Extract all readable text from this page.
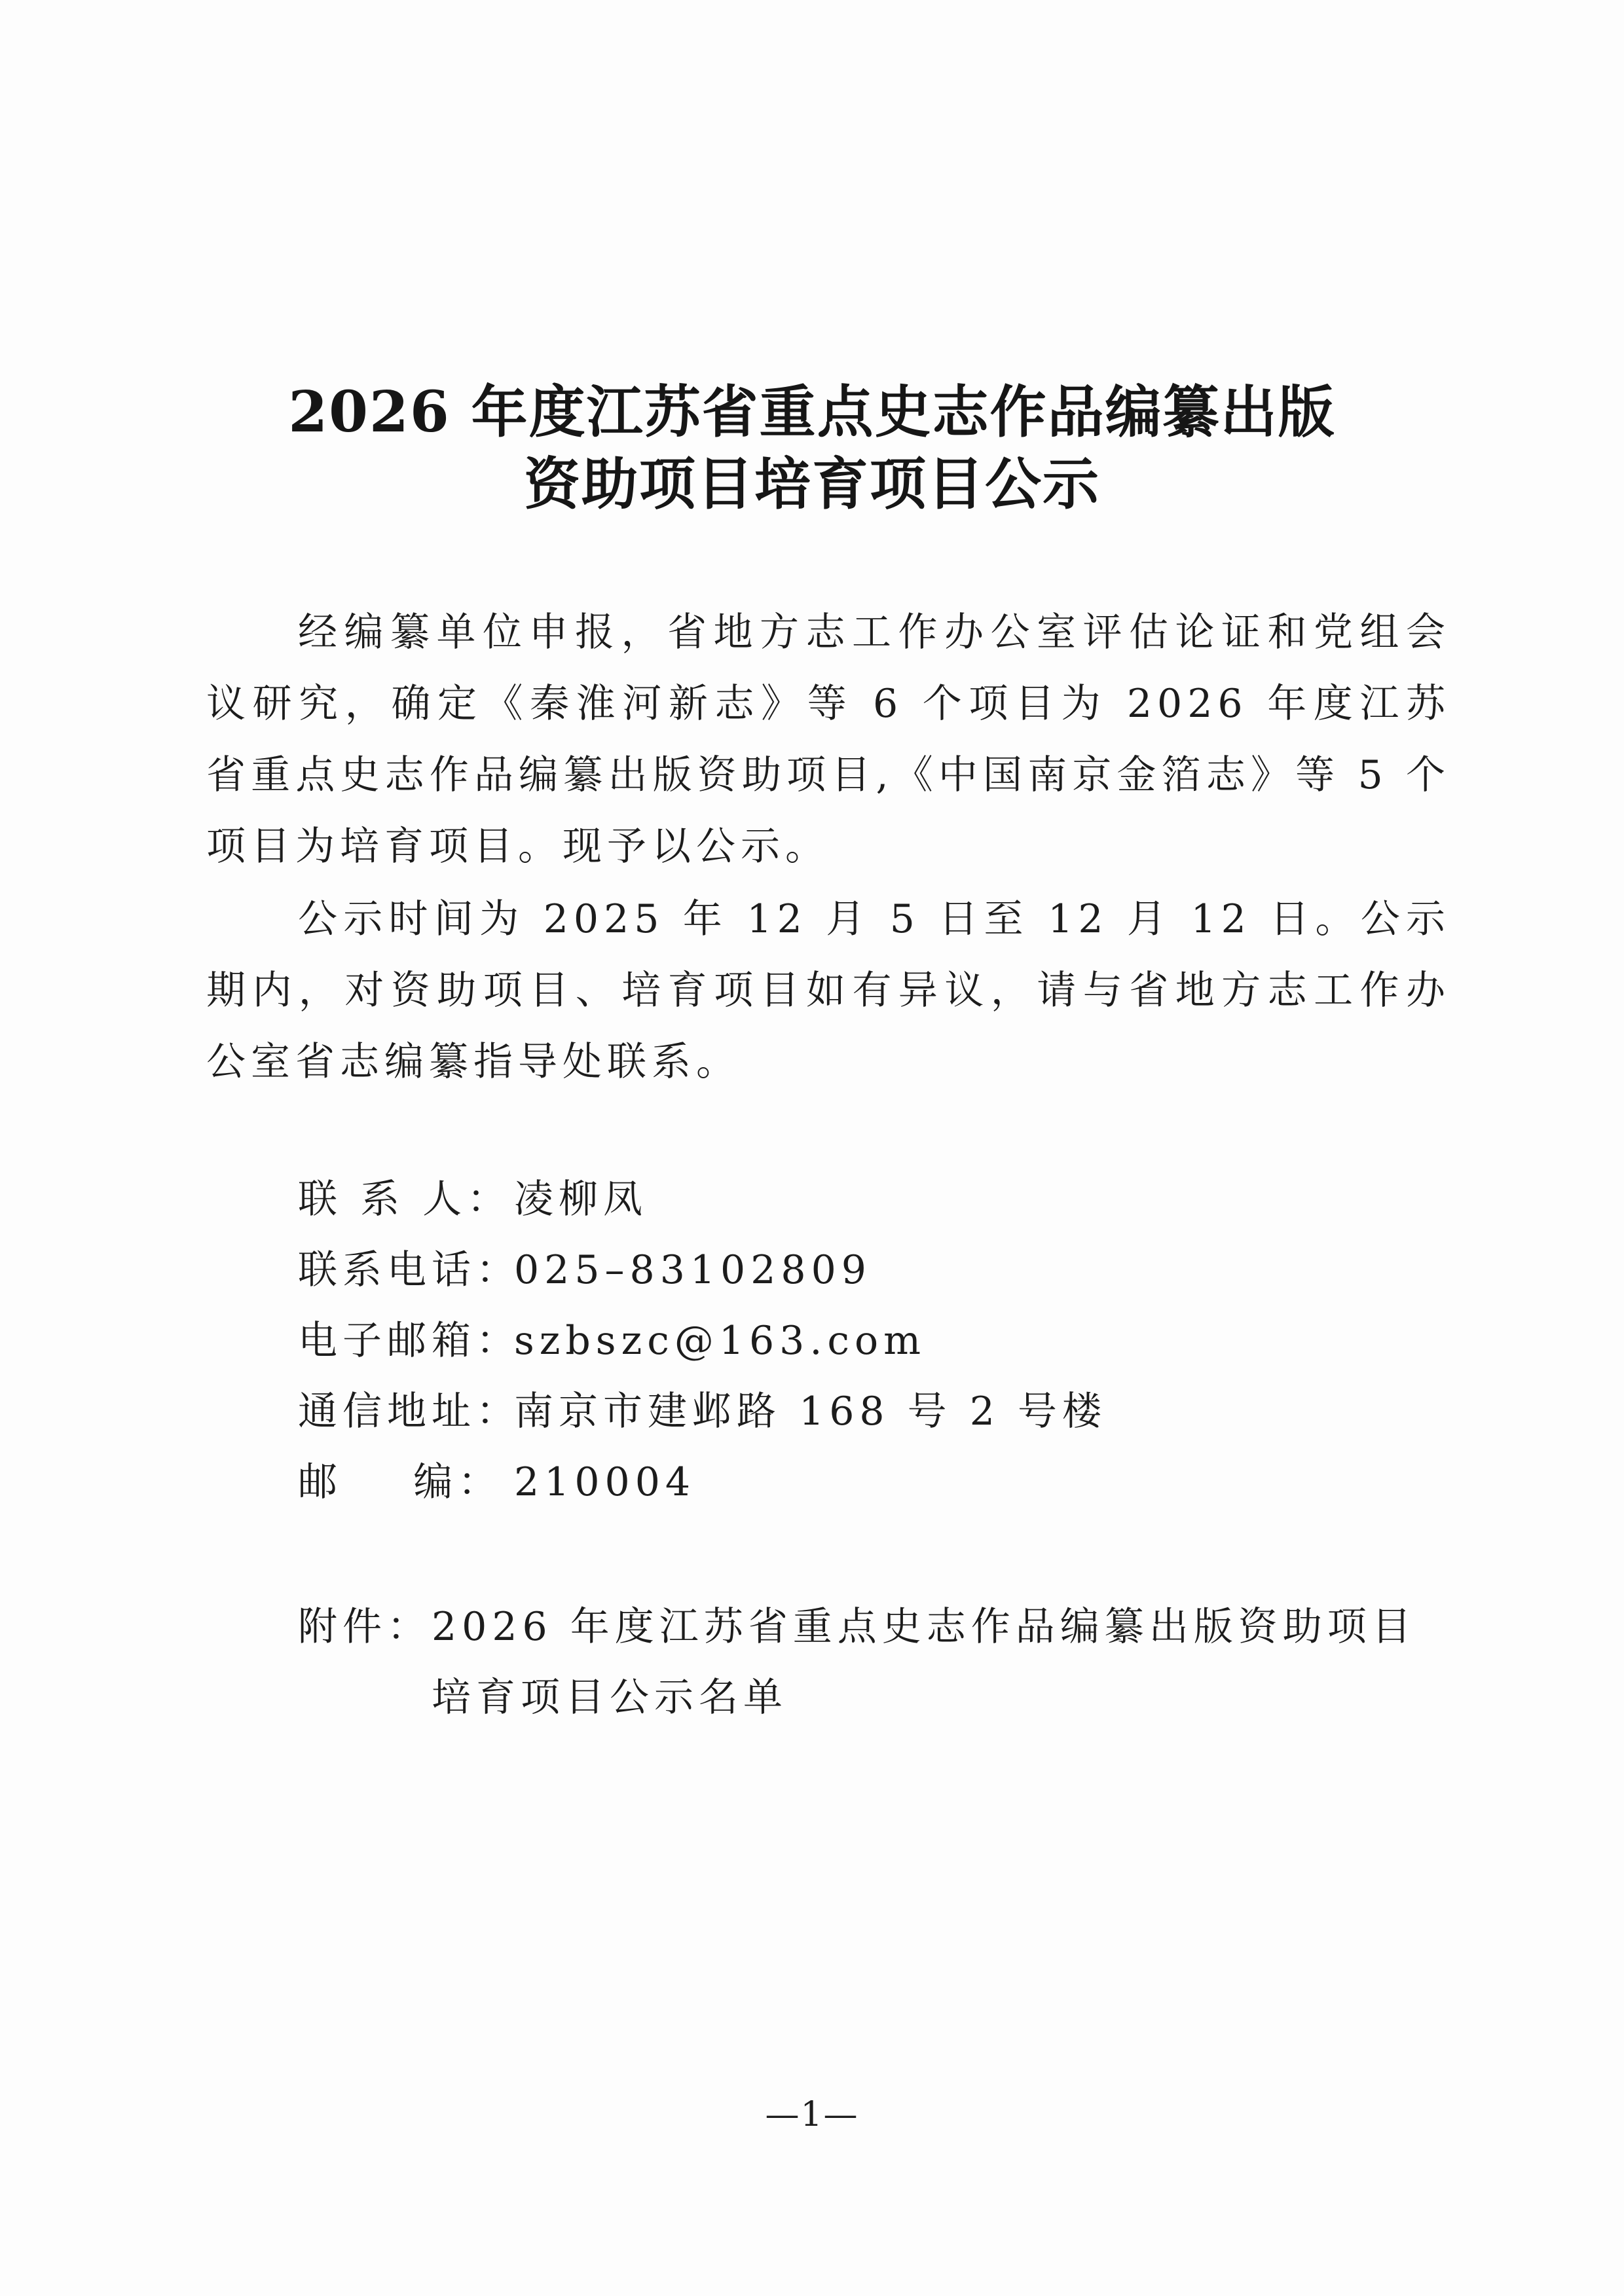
2026 年度江苏省重点史志作品编纂出版
资助项目培育项目公示

经编纂单位申报，省地方志工作办公室评估论证和党组会议研究，确定《秦淮河新志》等 6 个项目为 2026 年度江苏省重点史志作品编纂出版资助项目,《中国南京金箔志》等 5 个项目为培育项目。现予以公示。

公示时间为 2025 年 12 月 5 日至 12 月 12 日。公示期内，对资助项目、培育项目如有异议，请与省地方志工作办公室省志编纂指导处联系。

联 系 人： 凌柳凤
联系电话：
025–83102809
电子邮箱：
szbszc@163.com
通信地址：
南京市建邺路 168 号 2 号楼
邮    编： 210004
附件： 2026 年度江苏省重点史志作品编纂出版资助项目培育项目公示名单
—1—
